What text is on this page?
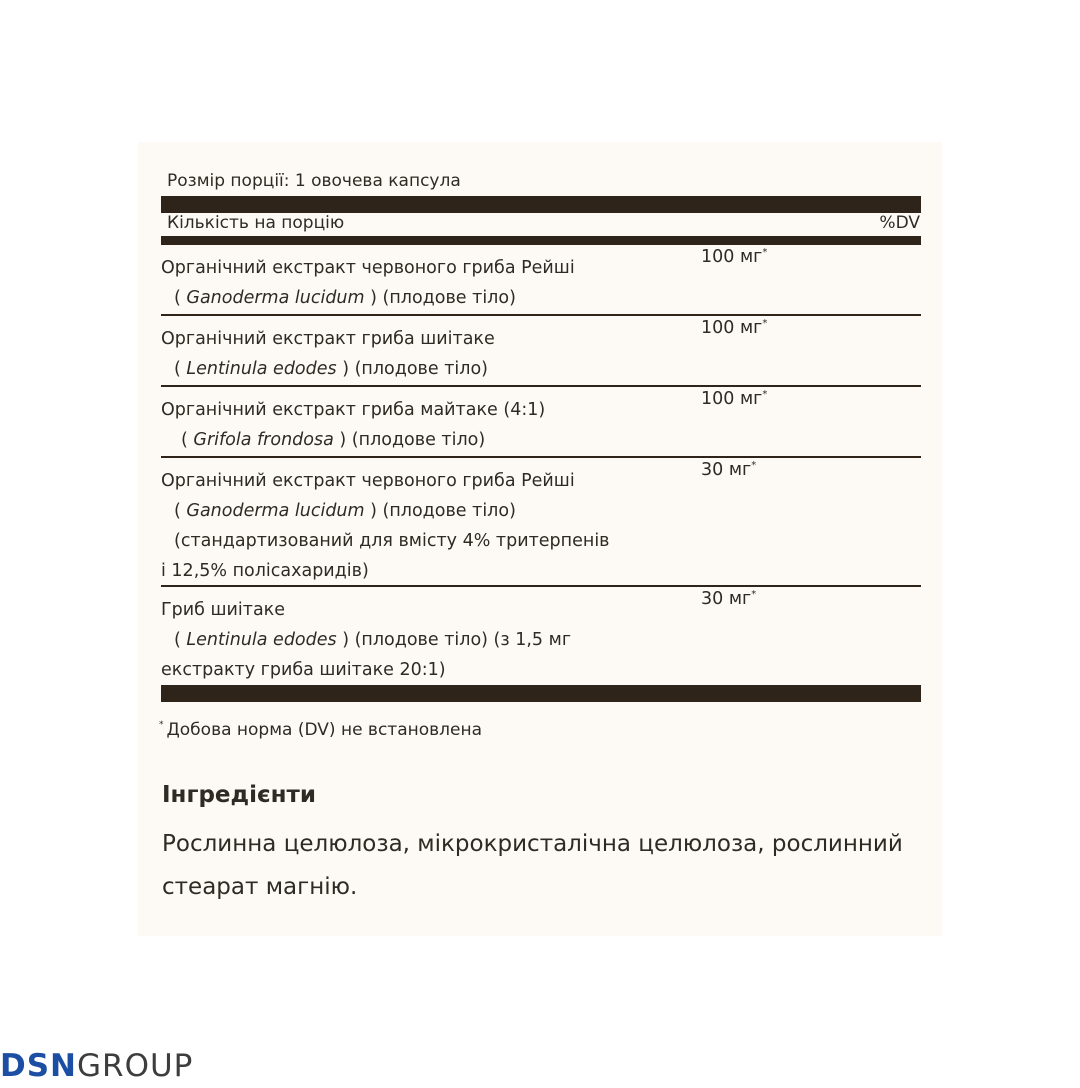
Розмір порції: 1 овочева капсула
Кількість на порцію	%DV
Органічний екстракт червоного гриба Рейші
( Ganoderma lucidum ) (плодове тіло)
100 мг*
Органічний екстракт гриба шиітаке
( Lentinula edodes ) (плодове тіло)
100 мг*
Органічний екстракт гриба майтаке (4:1)
( Grifola frondosa ) (плодове тіло)
100 мг*
Органічний екстракт червоного гриба Рейші
( Ganoderma lucidum ) (плодове тіло)
(стандартизований для вмісту 4% тритерпенів
і 12,5% полісахаридів)
30 мг*
Гриб шиітаке
( Lentinula edodes ) (плодове тіло) (з 1,5 мг
екстракту гриба шиітаке 20:1)
30 мг*
* Добова норма (DV) не встановлена
Інгредієнти
Рослинна целюлоза, мікрокристалічна целюлоза, рослинний стеарат магнію.
DSNGROUP
